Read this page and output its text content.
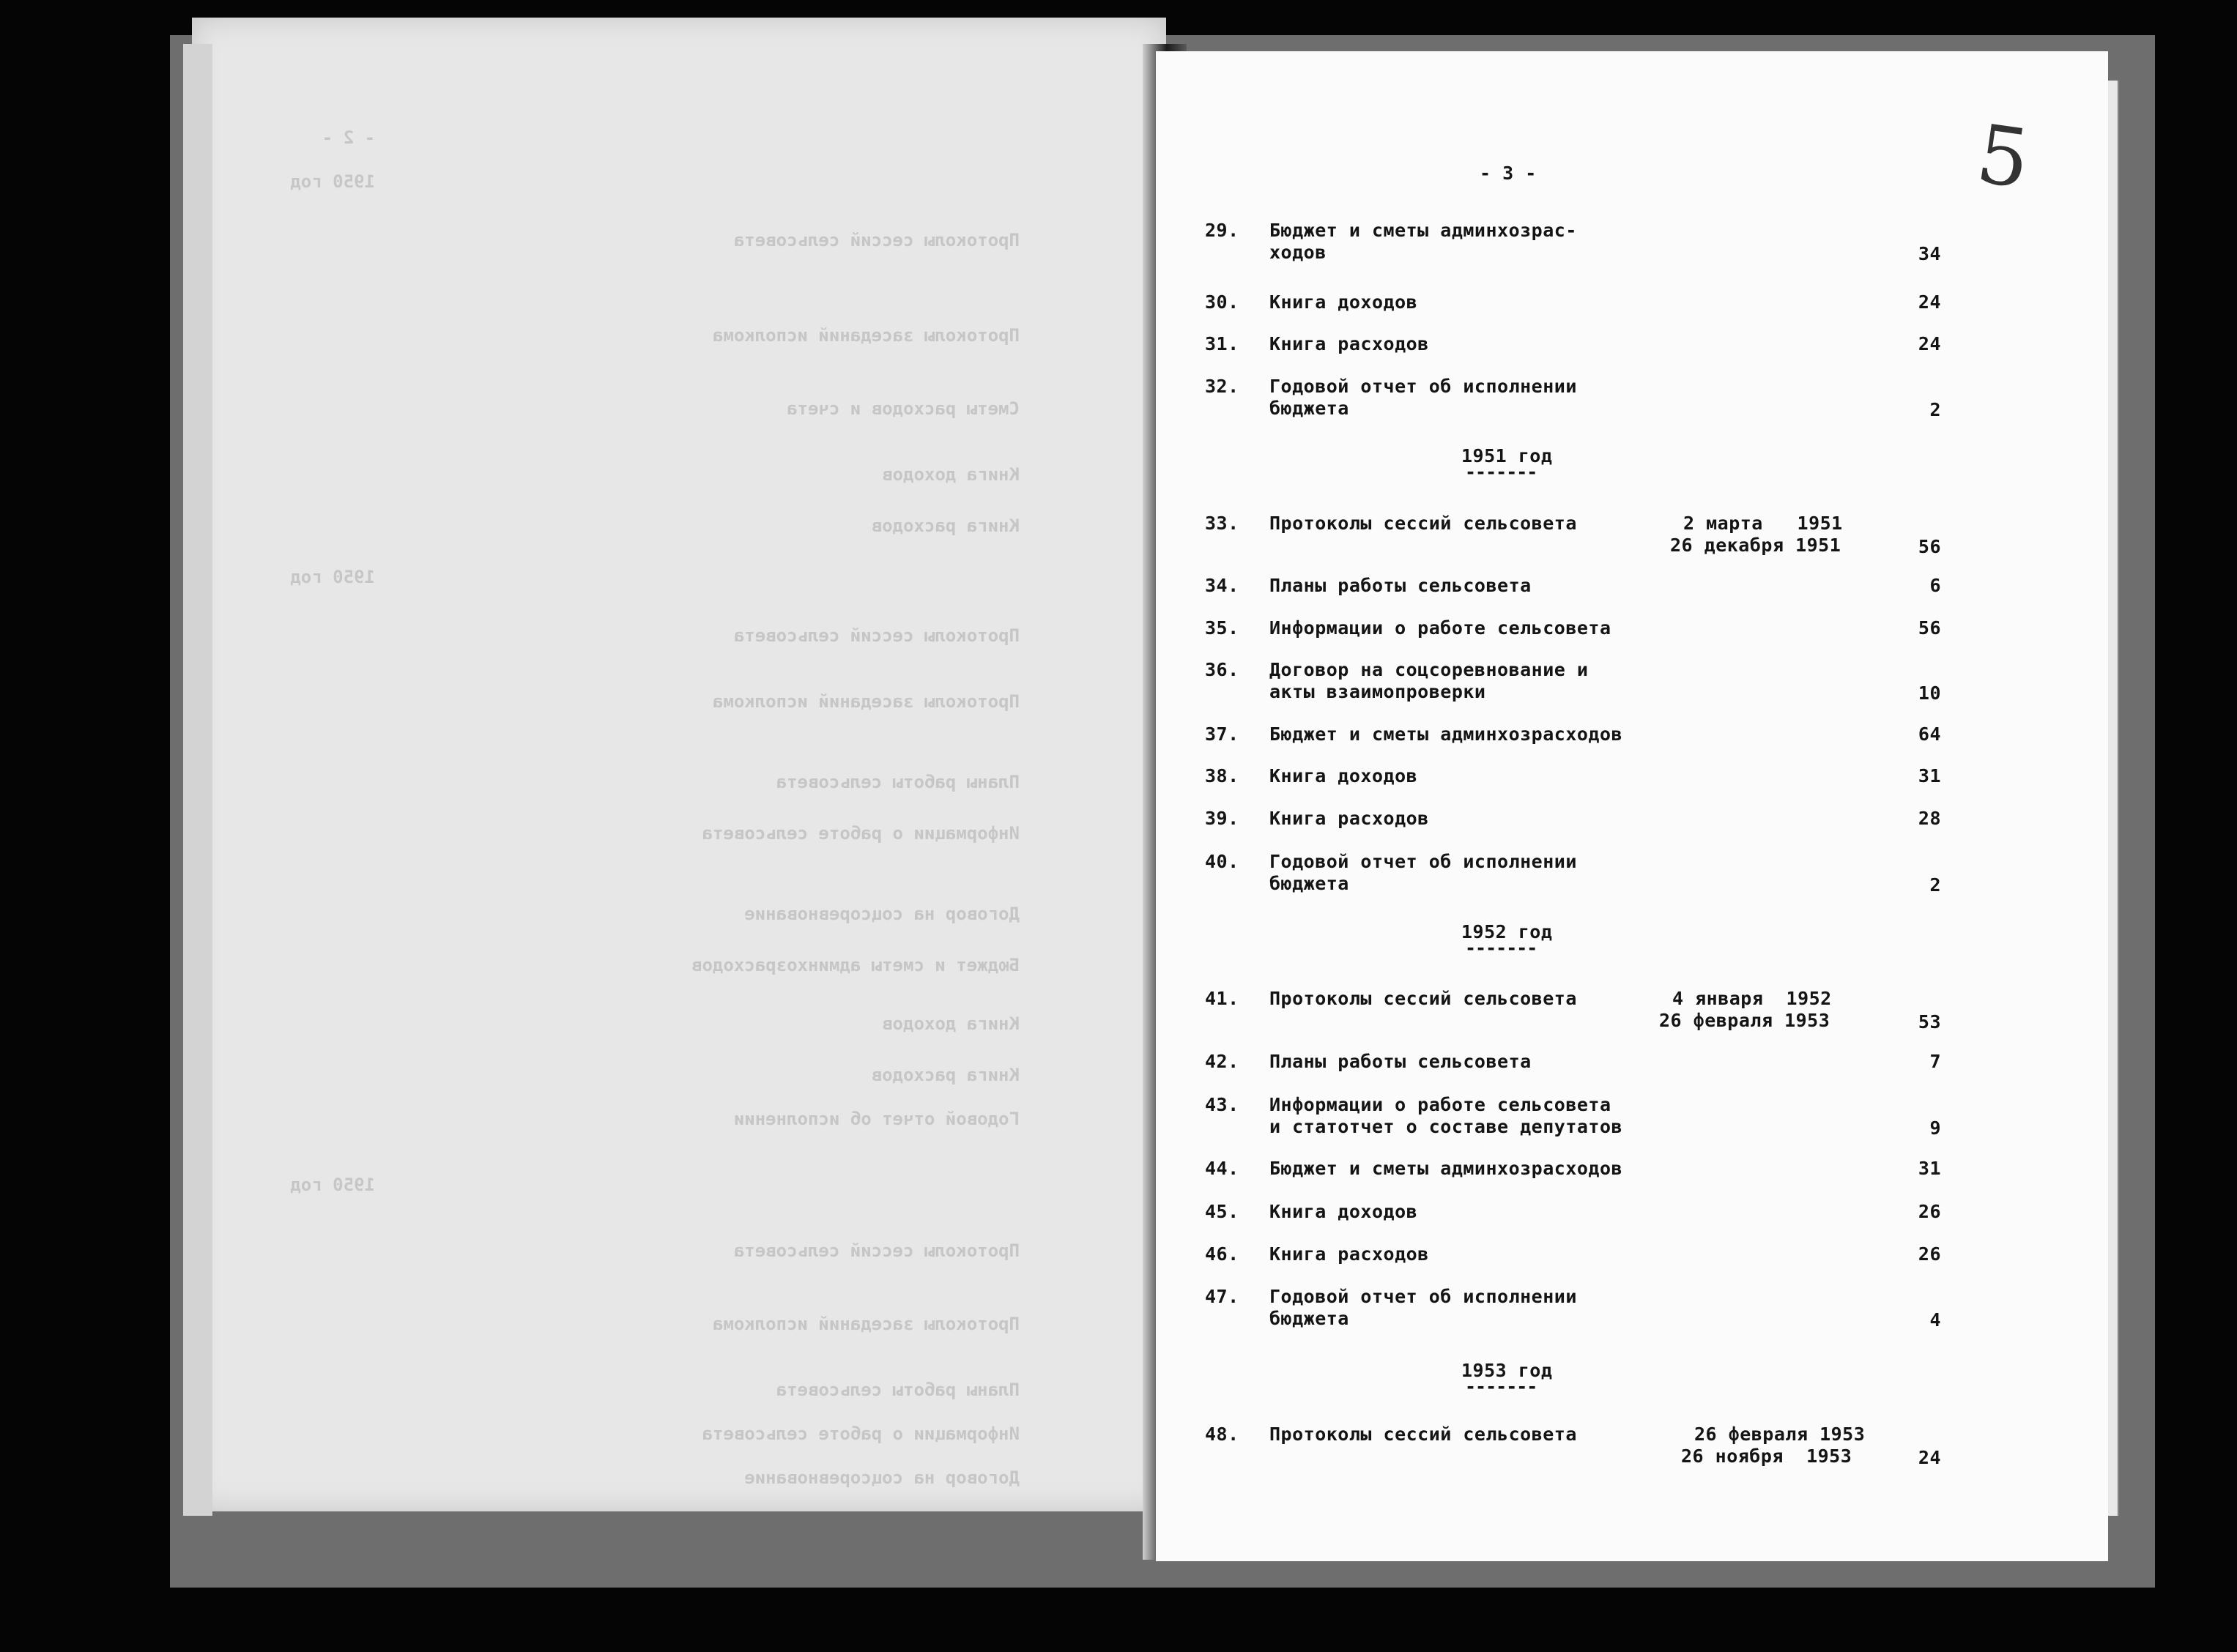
- 2 -
1950 год
Протоколы сессий сельсовета
Протоколы заседаний исполкома
Сметы расходов и счета
Книга доходов
Книга расходов
1950 год
Протоколы сессий сельсовета
Протоколы заседаний исполкома
Планы работы сельсовета
Информации о работе сельсовета
Договор на соцсоревнование
Бюджет и сметы админхозрасходов
Книга доходов
Книга расходов
Годовой отчет об исполнении
1950 год
Протоколы сессий сельсовета
Протоколы заседаний исполкома
Планы работы сельсовета
Информации о работе сельсовета
Договор на соцсоревнование
5
- 3 -
29.	Бюджет и сметы админхозрас-
ходов	34
30.	Книга доходов	24
31.	Книга расходов	24
32.	Годовой отчет об исполнении
бюджета	2
1951 год
-------
33.	Протоколы сессий сельсовета	2 марта   1951
26 декабря 1951	56
34.	Планы работы сельсовета	6
35.	Информации о работе сельсовета	56
36.	Договор на соцсоревнование и
акты взаимопроверки	10
37.	Бюджет и сметы админхозрасходов	64
38.	Книга доходов	31
39.	Книга расходов	28
40.	Годовой отчет об исполнении
бюджета	2
1952 год
-------
41.	Протоколы сессий сельсовета	4 января  1952
26 февраля 1953	53
42.	Планы работы сельсовета	7
43.	Информации о работе сельсовета
и статотчет о составе депутатов	9
44.	Бюджет и сметы админхозрасходов	31
45.	Книга доходов	26
46.	Книга расходов	26
47.	Годовой отчет об исполнении
бюджета	4
1953 год
-------
48.	Протоколы сессий сельсовета	26 февраля 1953
26 ноября  1953	24
